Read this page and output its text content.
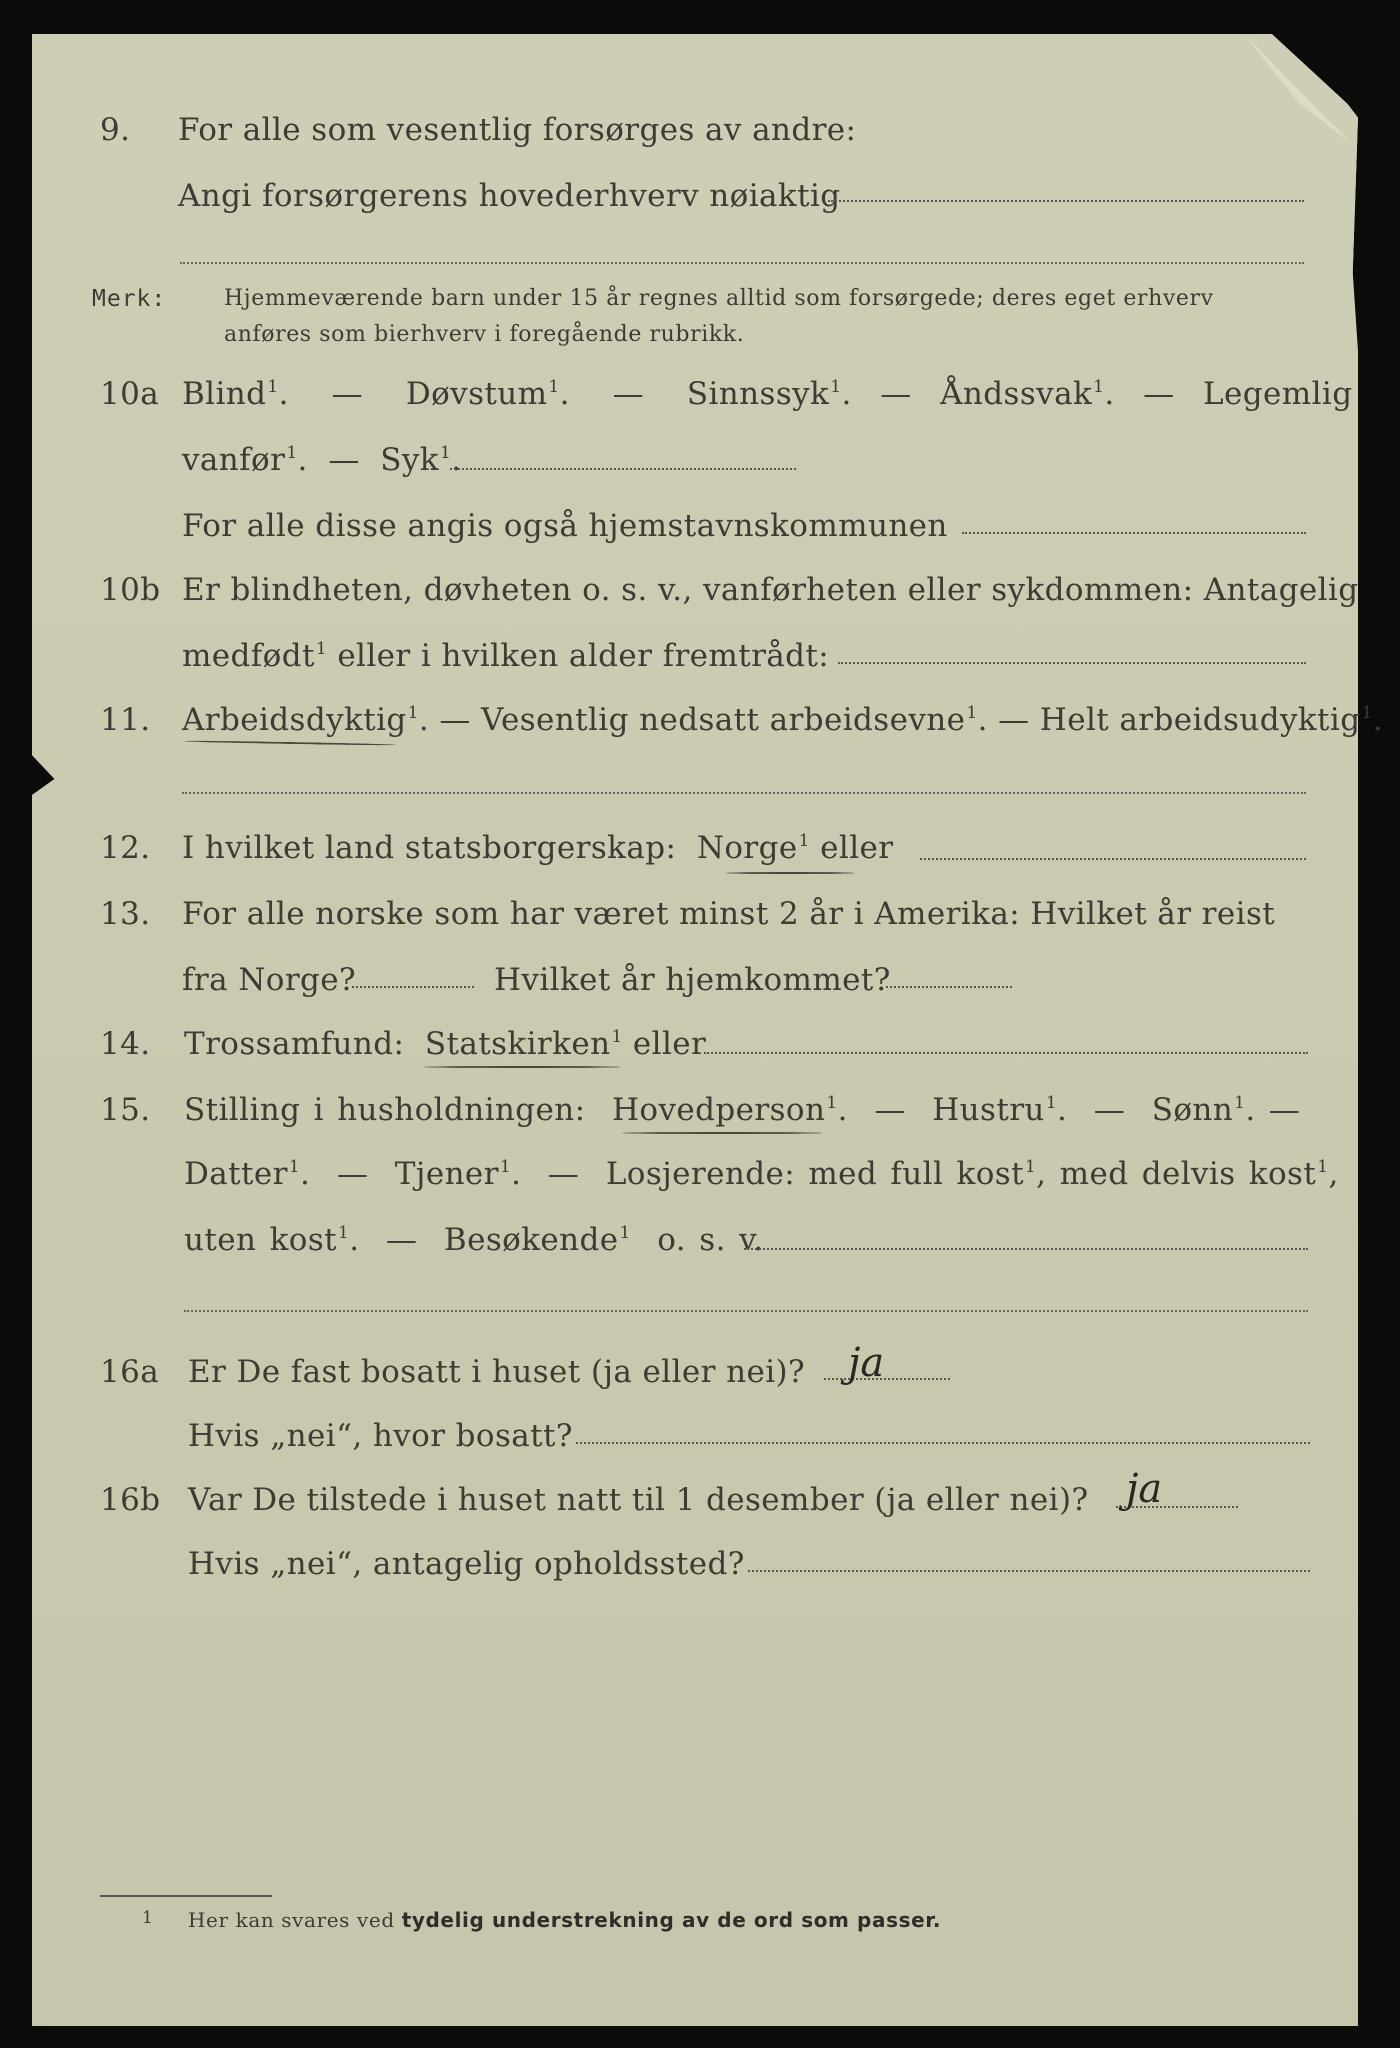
9. For alle som vesentlig forsørges av andre:
Angi forsørgerens hovederhverv nøiaktig
Merk:	Hjemmeværende barn under 15 år regnes alltid som forsørgede; deres eget erhverv
anføres som bierhverv i foregående rubrikk.
10a Blind$^1$.   — Døvstum$^1$.   — Sinnssyk$^1$.  — Åndssvak$^1$.  — Legemlig
vanfør$^1$.  — Syk$^1$.
For alle disse angis også hjemstavnskommunen
10b Er blindheten, døvheten o. s. v., vanførheten eller sykdommen: Antagelig
medfødt$^1$ eller i hvilken alder fremtrådt:
11. Arbeidsdyktig$^1$. — Vesentlig nedsatt arbeidsevne$^1$. — Helt arbeidsudyktig$^1$.
12. I hvilket land statsborgerskap: Norge$^1$ eller
13. For alle norske som har været minst 2 år i Amerika: Hvilket år reist
fra Norge?	Hvilket år hjemkommet?
14. Trossamfund: Statskirken$^1$ eller
15. Stilling i husholdningen: Hovedperson$^1$.  — Hustru$^1$.  — Sønn$^1$. —
Datter$^1$.  — Tjener$^1$.  — Losjerende: med full kost$^1$, med delvis kost$^1$,
uten kost$^1$.  — Besøkende$^1$ o. s. v.
16a Er De fast bosatt i huset (ja eller nei)? ja
Hvis „nei“, hvor bosatt?
16b Var De tilstede i huset natt til 1 desember (ja eller nei)? ja
Hvis „nei“, antagelig opholdssted?
1 Her kan svares ved tydelig understrekning av de ord som passer.
